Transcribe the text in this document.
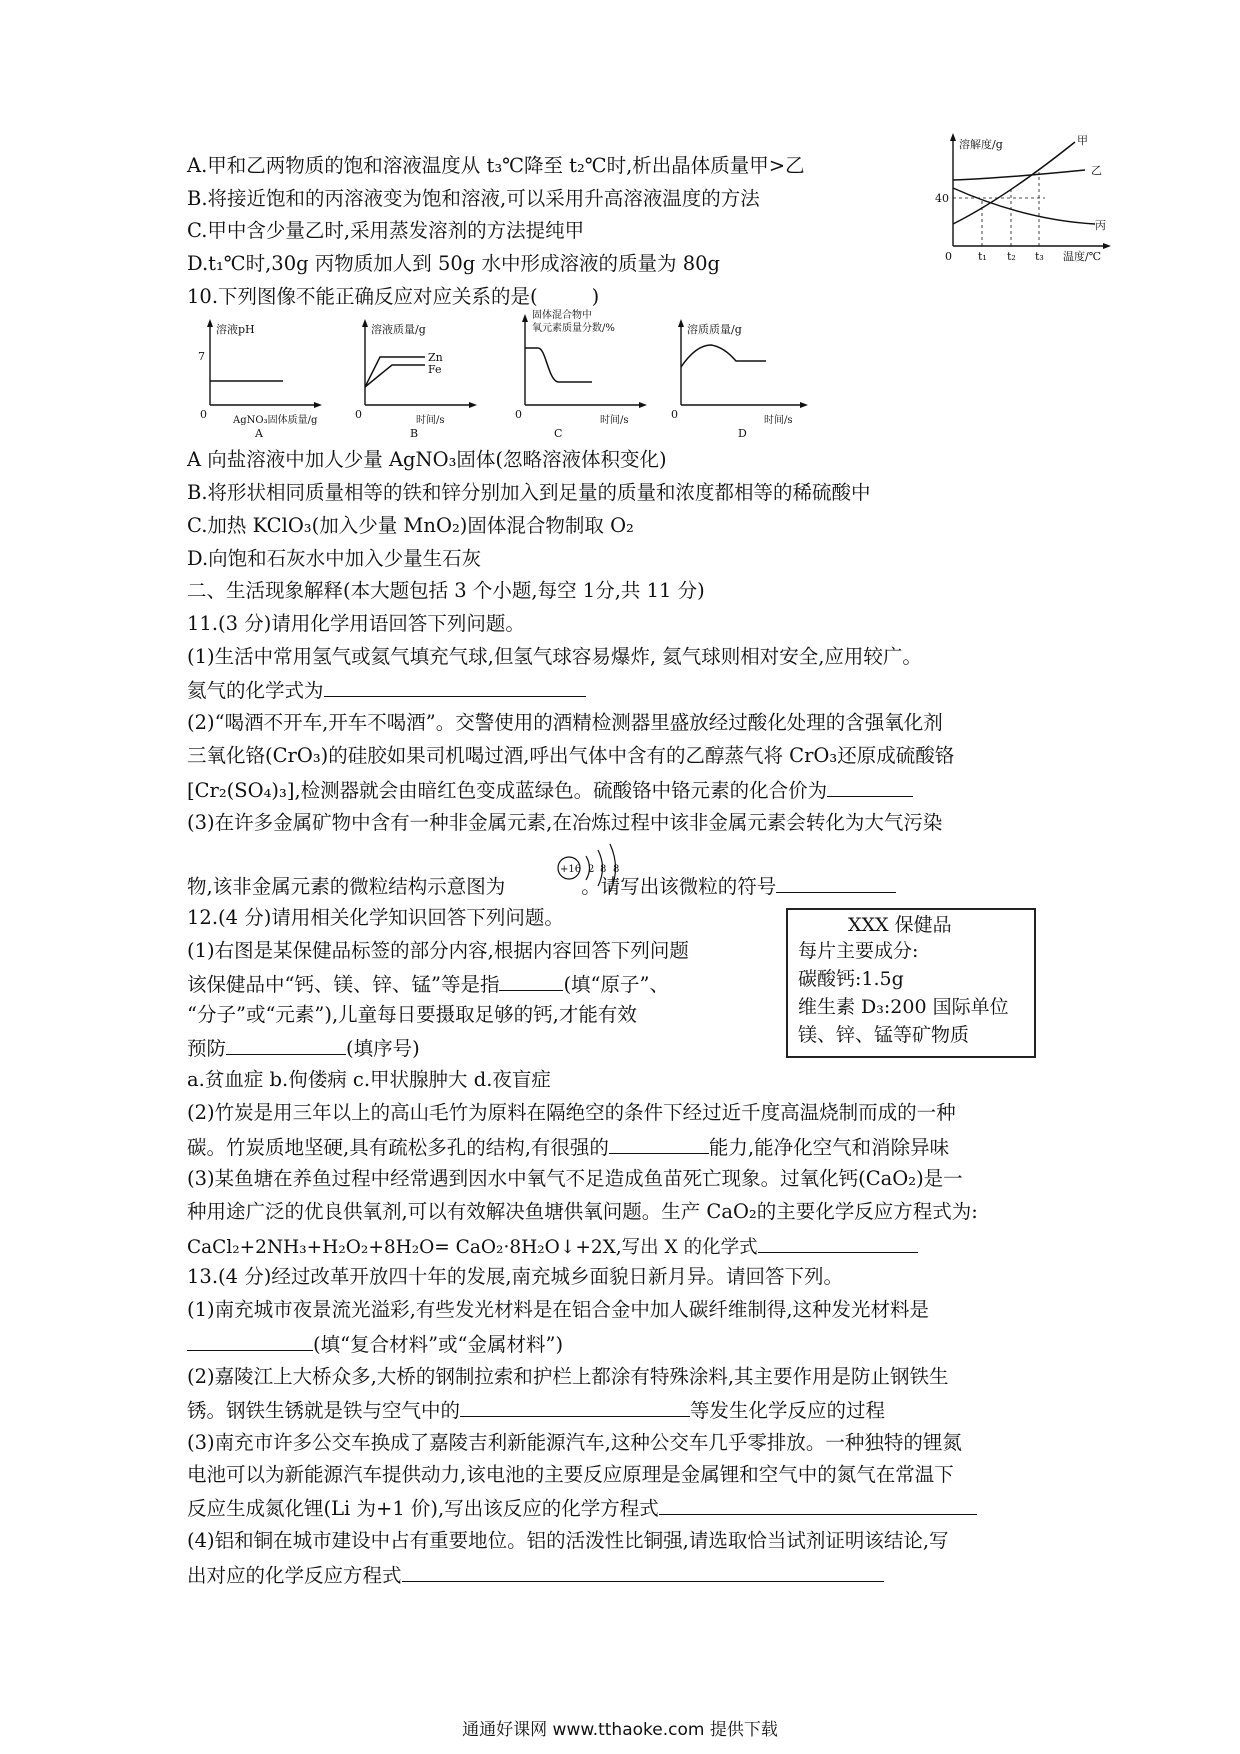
A.甲和乙两物质的饱和溶液温度从 t₃℃降至 t₂℃时,析出晶体质量甲>乙
B.将接近饱和的丙溶液变为饱和溶液,可以采用升高溶液温度的方法
C.甲中含少量乙时,采用蒸发溶剂的方法提纯甲
D.t₁℃时,30g 丙物质加人到 50g 水中形成溶液的质量为 80g
溶解度/g
40
甲
乙
丙
0 t₁ t₂ t₃ 温度/℃
10.下列图像不能正确反应对应关系的是(	)
溶液pH
7
0	AgNO₃固体质量/g
A
溶液质量/g
Zn
Fe
0	时间/s
B
固体混合物中
氧元素质量分数/%
0	时间/s
C
溶质质量/g
0	时间/s
D
A 向盐溶液中加人少量 AgNO₃固体(忽略溶液体积变化)
B.将形状相同质量相等的铁和锌分别加入到足量的质量和浓度都相等的稀硫酸中
C.加热 KClO₃(加入少量 MnO₂)固体混合物制取 O₂
D.向饱和石灰水中加入少量生石灰
二、生活现象解释(本大题包括 3 个小题,每空 1分,共 11 分)
11.(3 分)请用化学用语回答下列问题。
(1)生活中常用氢气或氦气填充气球,但氢气球容易爆炸, 氦气球则相对安全,应用较广。
氦气的化学式为
(2)“喝酒不开车,开车不喝酒”。交警使用的酒精检测器里盛放经过酸化处理的含强氧化剂
三氧化铬(CrO₃)的硅胶如果司机喝过酒,呼出气体中含有的乙醇蒸气将 CrO₃还原成硫酸铬
[Cr₂(SO₄)₃],检测器就会由暗红色变成蓝绿色。硫酸铬中铬元素的化合价为
(3)在许多金属矿物中含有一种非金属元素,在冶炼过程中该非金属元素会转化为大气污染
物,该非金属元素的微粒结构示意图为	。请写出该微粒的符号
+16 2 8 8
12.(4 分)请用相关化学知识回答下列问题。
(1)右图是某保健品标签的部分内容,根据内容回答下列问题
该保健品中“钙、镁、锌、锰”等是指	(填“原子”、
“分子”或“元素”),儿童每日要摄取足够的钙,才能有效
预防	(填序号)
a.贫血症 b.佝偻病 c.甲状腺肿大 d.夜盲症
XXX 保健品
每片主要成分:
碳酸钙:1.5g
维生素 D₃:200 国际单位
镁、锌、锰等矿物质
(2)竹炭是用三年以上的高山毛竹为原料在隔绝空的条件下经过近千度高温烧制而成的一种
碳。竹炭质地坚硬,具有疏松多孔的结构,有很强的	能力,能净化空气和消除异味
(3)某鱼塘在养鱼过程中经常遇到因水中氧气不足造成鱼苗死亡现象。过氧化钙(CaO₂)是一
种用途广泛的优良供氧剂,可以有效解决鱼塘供氧问题。生产 CaO₂的主要化学反应方程式为:
CaCl₂+2NH₃+H₂O₂+8H₂O= CaO₂·8H₂O↓+2X,写出 X 的化学式
13.(4 分)经过改革开放四十年的发展,南充城乡面貌日新月异。请回答下列。
(1)南充城市夜景流光溢彩,有些发光材料是在铝合金中加人碳纤维制得,这种发光材料是
(填“复合材料”或“金属材料”)
(2)嘉陵江上大桥众多,大桥的钢制拉索和护栏上都涂有特殊涂料,其主要作用是防止钢铁生
锈。钢铁生锈就是铁与空气中的	等发生化学反应的过程
(3)南充市许多公交车换成了嘉陵吉利新能源汽车,这种公交车几乎零排放。一种独特的锂氮
电池可以为新能源汽车提供动力,该电池的主要反应原理是金属锂和空气中的氮气在常温下
反应生成氮化锂(Li 为+1 价),写出该反应的化学方程式
(4)铝和铜在城市建设中占有重要地位。铝的活泼性比铜强,请选取恰当试剂证明该结论,写
出对应的化学反应方程式
通通好课网 www.tthaoke.com 提供下载
